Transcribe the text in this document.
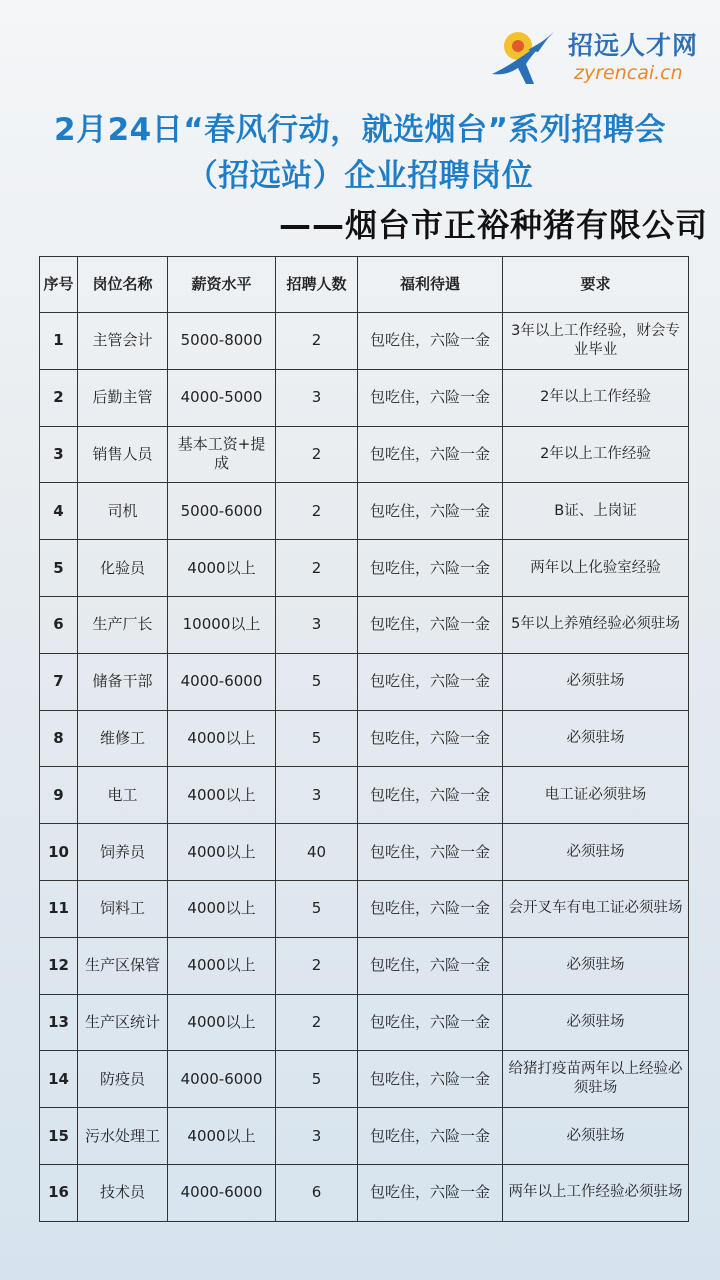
招远人才网
zyrencai.cn
2月24日“春风行动，就选烟台”系列招聘会
（招远站）企业招聘岗位
——烟台市正裕种猪有限公司
序号	岗位名称	薪资水平	招聘人数	福利待遇	要求
1	主管会计	5000-8000	2	包吃住，六险一金	3年以上工作经验，财会专业毕业
2	后勤主管	4000-5000	3	包吃住，六险一金	2年以上工作经验
3	销售人员	基本工资+提成	2	包吃住，六险一金	2年以上工作经验
4	司机	5000-6000	2	包吃住，六险一金	B证、上岗证
5	化验员	4000以上	2	包吃住，六险一金	两年以上化验室经验
6	生产厂长	10000以上	3	包吃住，六险一金	5年以上养殖经验必须驻场
7	储备干部	4000-6000	5	包吃住，六险一金	必须驻场
8	维修工	4000以上	5	包吃住，六险一金	必须驻场
9	电工	4000以上	3	包吃住，六险一金	电工证必须驻场
10	饲养员	4000以上	40	包吃住，六险一金	必须驻场
11	饲料工	4000以上	5	包吃住，六险一金	会开叉车有电工证必须驻场
12	生产区保管	4000以上	2	包吃住，六险一金	必须驻场
13	生产区统计	4000以上	2	包吃住，六险一金	必须驻场
14	防疫员	4000-6000	5	包吃住，六险一金	给猪打疫苗两年以上经验必须驻场
15	污水处理工	4000以上	3	包吃住，六险一金	必须驻场
16	技术员	4000-6000	6	包吃住，六险一金	两年以上工作经验必须驻场
